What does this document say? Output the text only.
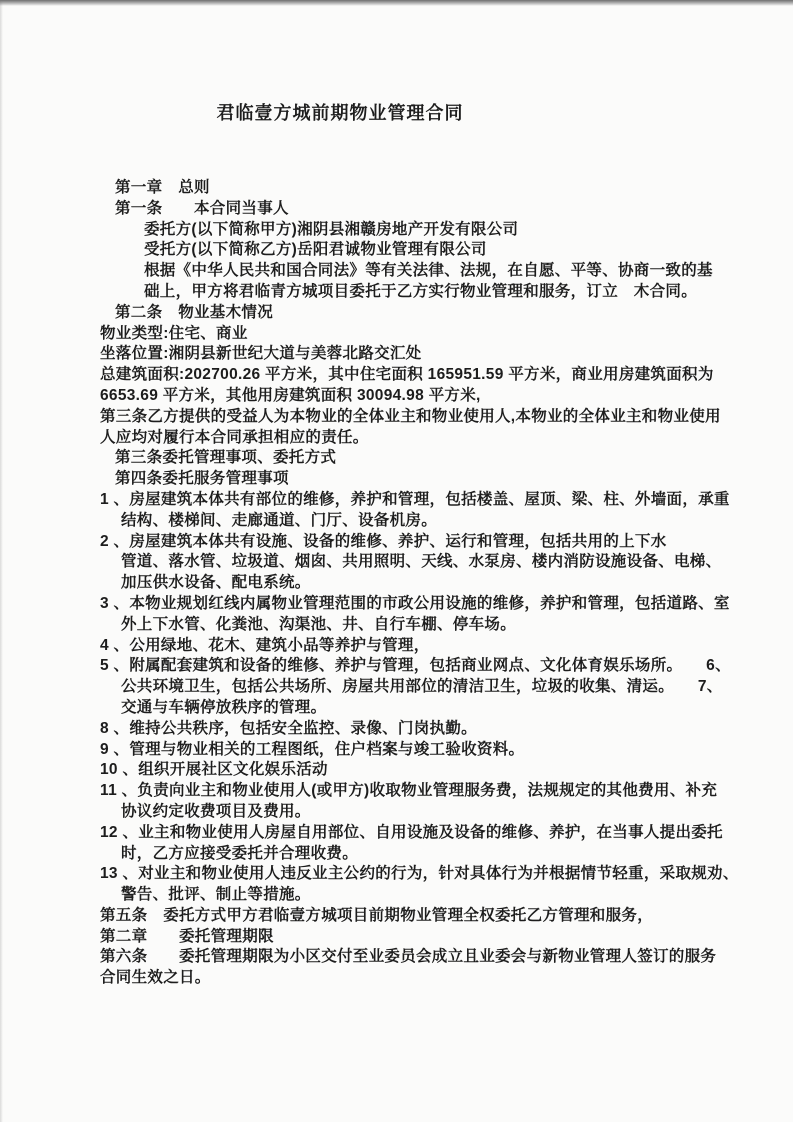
君临壹方城前期物业管理合同
第一章　总则
第一条　　本合同当事人
委托方(以下简称甲方)湘阴县湘赣房地产开发有限公司
受托方(以下简称乙方)岳阳君诚物业管理有限公司
根据《中华人民共和国合同法》等有关法律、法规，在自愿、平等、协商一致的基
础上，甲方将君临青方城项目委托于乙方实行物业管理和服务，订立　木合同。
第二条　物业基木情况
物业类型:住宅、商业
坐落位置:湘阴县新世纪大道与美蓉北路交汇处
总建筑面积:202700.26 平方米，其中住宅面积 165951.59 平方米，商业用房建筑面积为
6653.69 平方米，其他用房建筑面积 30094.98 平方米,
第三条乙方提供的受益人为本物业的全体业主和物业使用人,本物业的全体业主和物业使用
人应均对履行本合同承担相应的责任。
第三条委托管理事项、委托方式
第四条委托服务管理事项
1 、房屋建筑本体共有部位的维修，养护和管理，包括楼盖、屋顶、梁、柱、外墙面，承重
结构、楼梯间、走廊通道、门厅、设备机房。
2 、房屋建筑本体共有设施、设备的维修、养护、运行和管理，包括共用的上下水
管道、落水管、垃圾道、烟囱、共用照明、天线、水泵房、楼内消防设施设备、电梯、
加压供水设备、配电系统。
3 、本物业规划红线内属物业管理范围的市政公用设施的维修，养护和管理，包括道路、室
外上下水管、化粪池、沟渠池、井、自行车棚、停车场。
4 、公用绿地、花木、建筑小品等养护与管理，
5 、附属配套建筑和设备的维修、养护与管理，包括商业网点、文化体育娱乐场所。　　6、
公共环境卫生，包括公共场所、房屋共用部位的清洁卫生，垃圾的收集、清运。　　7、
交通与车辆停放秩序的管理。
8 、维持公共秩序，包括安全监控、录像、门岗执勤。
9 、管理与物业相关的工程图纸，住户档案与竣工验收资料。
10 、组织开展社区文化娱乐活动
11 、负责向业主和物业使用人(或甲方)收取物业管理服务费，法规规定的其他费用、补充
协议约定收费项目及费用。
12 、业主和物业使用人房屋自用部位、自用设施及设备的维修、养护，在当事人提出委托
时，乙方应接受委托并合理收费。
13 、对业主和物业使用人违反业主公约的行为，针对具体行为并根据情节轻重，采取规劝、
警告、批评、制止等措施。
第五条　委托方式甲方君临壹方城项目前期物业管理全权委托乙方管理和服务，
第二章　　委托管理期限
第六条　　委托管理期限为小区交付至业委员会成立且业委会与新物业管理人签订的服务
合同生效之日。
